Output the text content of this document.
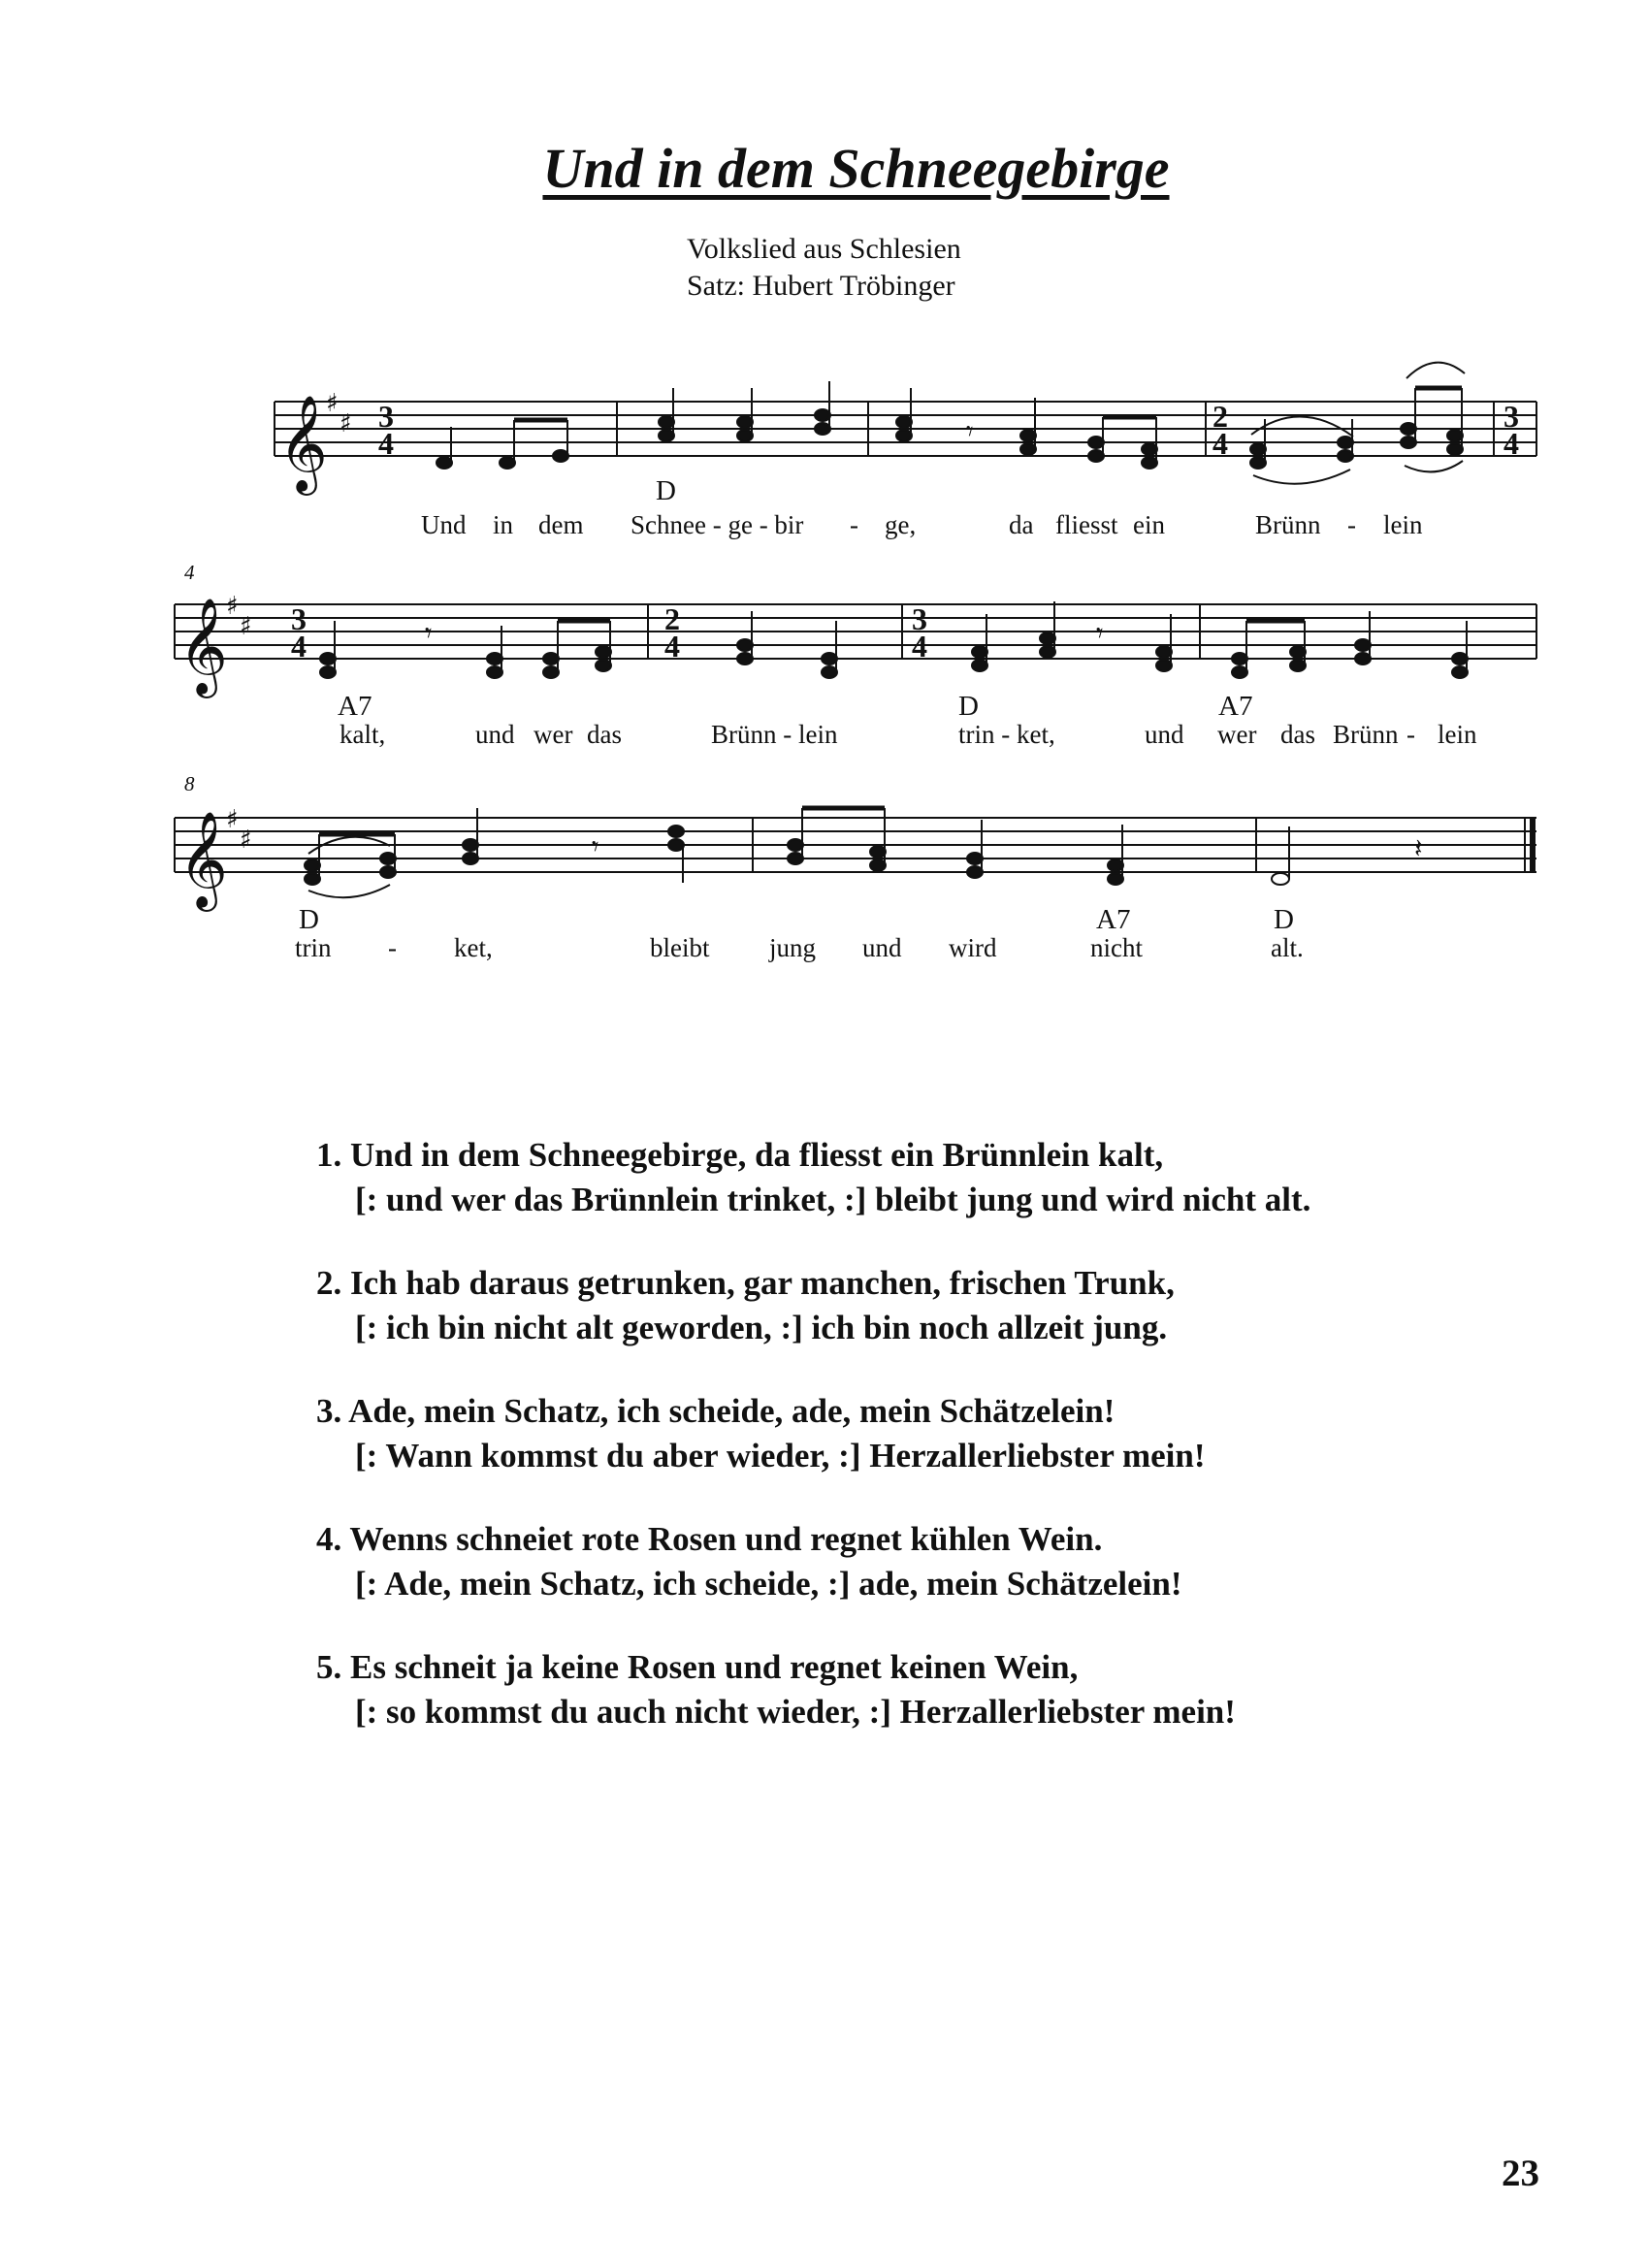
Und in dem Schneegebirge
Volkslied aus Schlesien
Satz: Hubert Tröbinger
𝄞
𝄞
𝄞
♯
♯
♯
♯
♯
♯
3
4
2
4
3
4
3
4
2
4
3
4
𝄾
𝄾	𝄾
𝄾	𝄽
4
8
D
Und in dem Schnee - ge - bir - ge,	da fliesst ein	Brünn - lein
A7	D	A7
kalt,	und wer das	Brünn - lein	trin - ket,	und wer das Brünn - lein
D	A7	D
trin - ket,	bleibt jung und wird	nicht	alt.
1. Und in dem Schneegebirge, da fliesst ein Brünnlein kalt,
[: und wer das Brünnlein trinket, :] bleibt jung und wird nicht alt.
2. Ich hab daraus getrunken, gar manchen, frischen Trunk,
[: ich bin nicht alt geworden, :] ich bin noch allzeit jung.
3. Ade, mein Schatz, ich scheide, ade, mein Schätzelein!
[: Wann kommst du aber wieder, :] Herzallerliebster mein!
4. Wenns schneiet rote Rosen und regnet kühlen Wein.
[: Ade, mein Schatz, ich scheide, :] ade, mein Schätzelein!
5. Es schneit ja keine Rosen und regnet keinen Wein,
[: so kommst du auch nicht wieder, :] Herzallerliebster mein!
23
